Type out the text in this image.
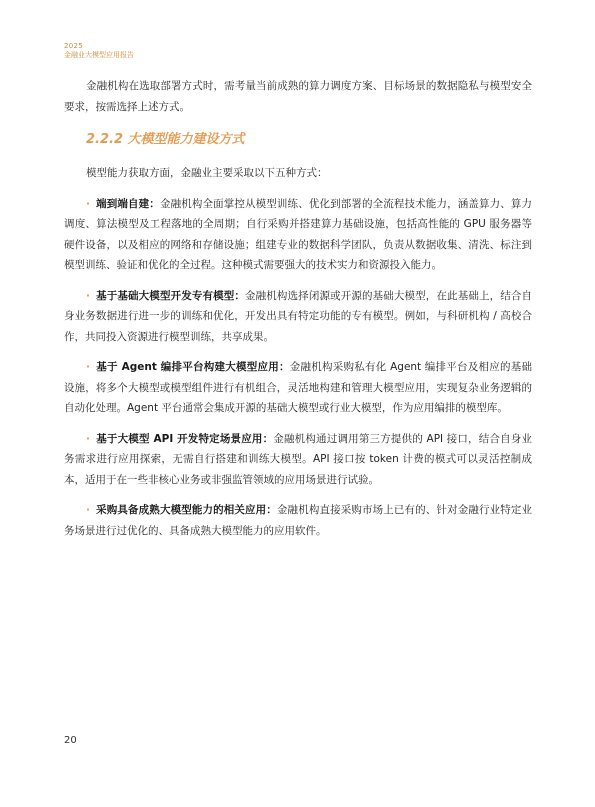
2025
金融业大模型应用报告

金融机构在选取部署方式时，需考量当前成熟的算力调度方案、目标场景的数据隐私与模型安全要求，按需选择上述方式。

2.2.2 大模型能力建设方式

模型能力获取方面，金融业主要采取以下五种方式：

· 端到端自建：金融机构全面掌控从模型训练、优化到部署的全流程技术能力，涵盖算力、算力调度、算法模型及工程落地的全周期；自行采购并搭建算力基础设施，包括高性能的 GPU 服务器等硬件设备，以及相应的网络和存储设施；组建专业的数据科学团队，负责从数据收集、清洗、标注到模型训练、验证和优化的全过程。这种模式需要强大的技术实力和资源投入能力。

· 基于基础大模型开发专有模型：金融机构选择闭源或开源的基础大模型，在此基础上，结合自身业务数据进行进一步的训练和优化，开发出具有特定功能的专有模型。例如，与科研机构 / 高校合作，共同投入资源进行模型训练，共享成果。

· 基于 Agent 编排平台构建大模型应用：金融机构采购私有化 Agent 编排平台及相应的基础设施，将多个大模型或模型组件进行有机组合，灵活地构建和管理大模型应用，实现复杂业务逻辑的自动化处理。Agent 平台通常会集成开源的基础大模型或行业大模型，作为应用编排的模型库。

· 基于大模型 API 开发特定场景应用：金融机构通过调用第三方提供的 API 接口，结合自身业务需求进行应用探索，无需自行搭建和训练大模型。API 接口按 token 计费的模式可以灵活控制成本，适用于在一些非核心业务或非强监管领域的应用场景进行试验。

· 采购具备成熟大模型能力的相关应用：金融机构直接采购市场上已有的、针对金融行业特定业务场景进行过优化的、具备成熟大模型能力的应用软件。

20
